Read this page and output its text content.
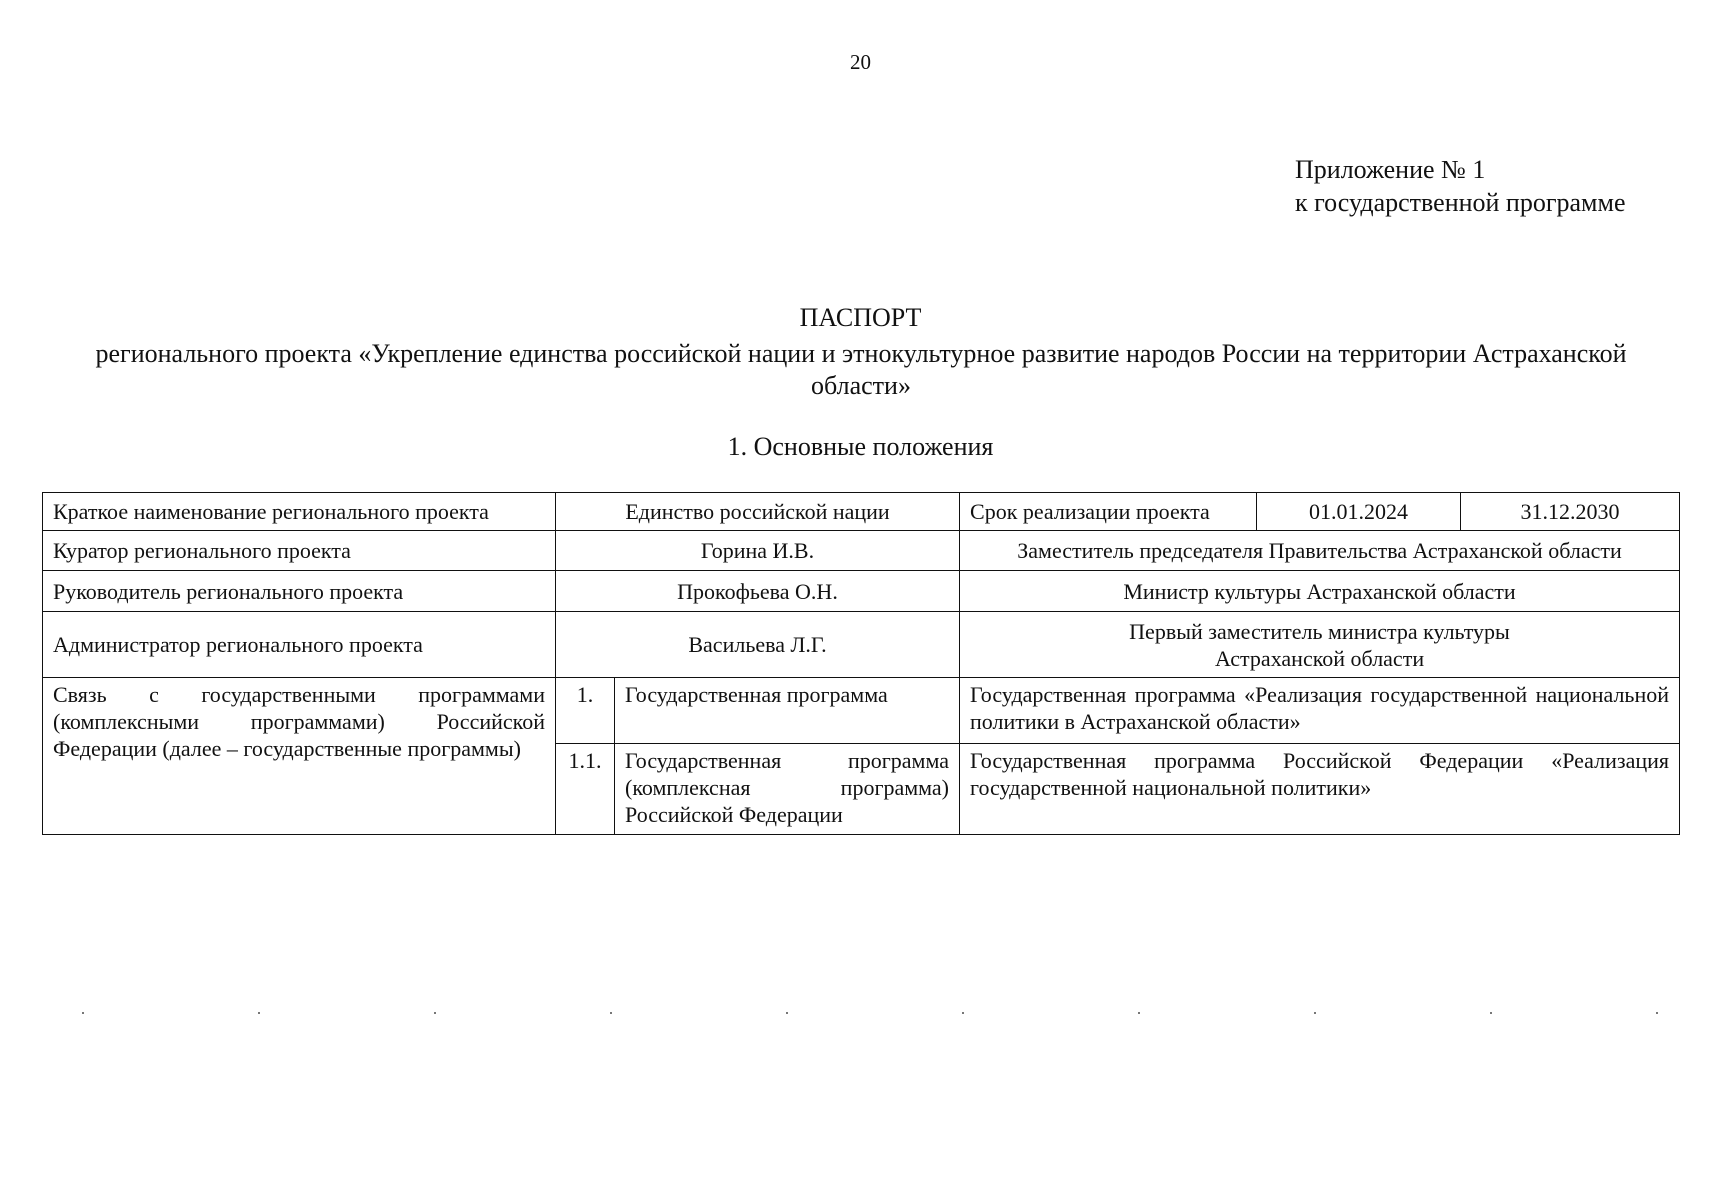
20
Приложение № 1
к государственной программе
ПАСПОРТ
регионального проекта «Укрепление единства российской нации и этнокультурное развитие народов России на территории Астраханской области»
1. Основные положения
Краткое наименование регионального проекта	Единство российской нации		Срок реализации проекта	01.01.2024	31.12.2030
Куратор регионального проекта	Горина И.В.		Заместитель председателя Правительства Астраханской области		
Руководитель регионального проекта	Прокофьева О.Н.		Министр культуры Астраханской области		
Администратор регионального проекта	Васильева Л.Г.		Первый заместитель министра культуры
Астраханской области		

Связь с государственными программами (комплексными программами) Российской Федерации (далее – государственные программы)	1.	Государственная программа	Государственная программа «Реализация государственной национальной политики в Астраханской области»		
	1.1.	Государственная программа (комплексная программа) Российской Федерации	Государственная программа Российской Федерации «Реализация государственной национальной политики»		
